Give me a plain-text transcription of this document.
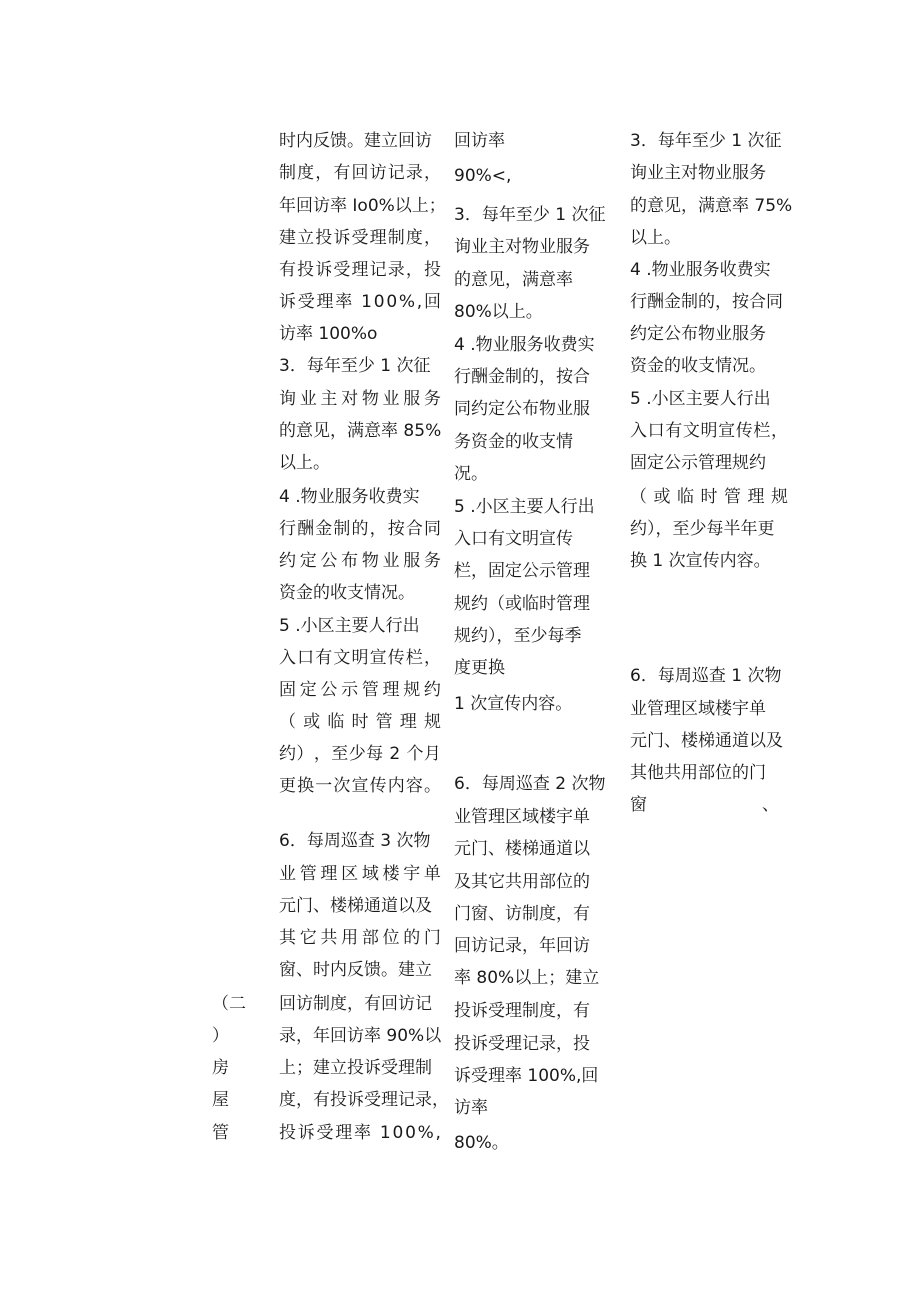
（二
）
房
屋
管
时内反馈。建立回访
制 度 ， 有 回 访 记 录 ，
年回访率 Io0%以上；
建 立 投 诉 受 理 制 度 ，
有 投 诉 受 理 记 录 ， 投
诉 受 理 率
1 0 0 % , 回
访率 100%o
3．每年至少 1 次征
询 业 主 对 物 业 服 务
的 意 见 ， 满 意 率
8 5 %
以上。
4 .物业服务收费实
行 酬 金 制 的 ， 按 合 同
约 定 公 布 物 业 服 务
资金的收支情况。
5 .小区主要人行出
入 口 有 文 明 宣 传 栏 ，
固 定 公 示 管 理 规 约
（ 或 临 时 管 理 规
约 ） ， 至 少 每
2
个 月
更 换 一 次 宣 传 内 容 。
6．每周巡查 3 次物
业 管 理 区 域 楼 宇 单
元门、楼梯通道以及
其 它 共 用 部 位 的 门
窗、时内反馈。建立
回访制度，有回访记
录，年回访率 90%以
上；建立投诉受理制
度 ， 有 投 诉 受 理 记 录 ，
投 诉 受 理 率
1 0 0 % ,
回访率
90%<,
3．每年至少 1 次征
询业主对物业服务
的意见，满意率
80%以上。
4 .物业服务收费实
行酬金制的，按合
同约定公布物业服
务资金的收支情
况。
5 .小区主要人行出
入口有文明宣传
栏，固定公示管理
规约（或临时管理
规约），至少每季
度更换
1 次宣传内容。
6．每周巡查 2 次物
业管理区域楼宇单
元门、楼梯通道以
及其它共用部位的
门窗、访制度，有
回访记录，年回访
率 80%以上；建立
投诉受理制度，有
投诉受理记录，投
诉受理率 100%,回
访率
80%。
3．每年至少 1 次征
询业主对物业服务
的意见，满意率 75%
以上。
4 .物业服务收费实
行酬金制的，按合同
约定公布物业服务
资金的收支情况。
5 .小区主要人行出
入 口 有 文 明 宣 传 栏 ，
固定公示管理规约
（ 或 临 时 管 理 规
约），至少每半年更
换 1 次宣传内容。
6．每周巡查 1 次物
业管理区域楼宇单
元门、楼梯通道以及
其他共用部位的门
窗	、
